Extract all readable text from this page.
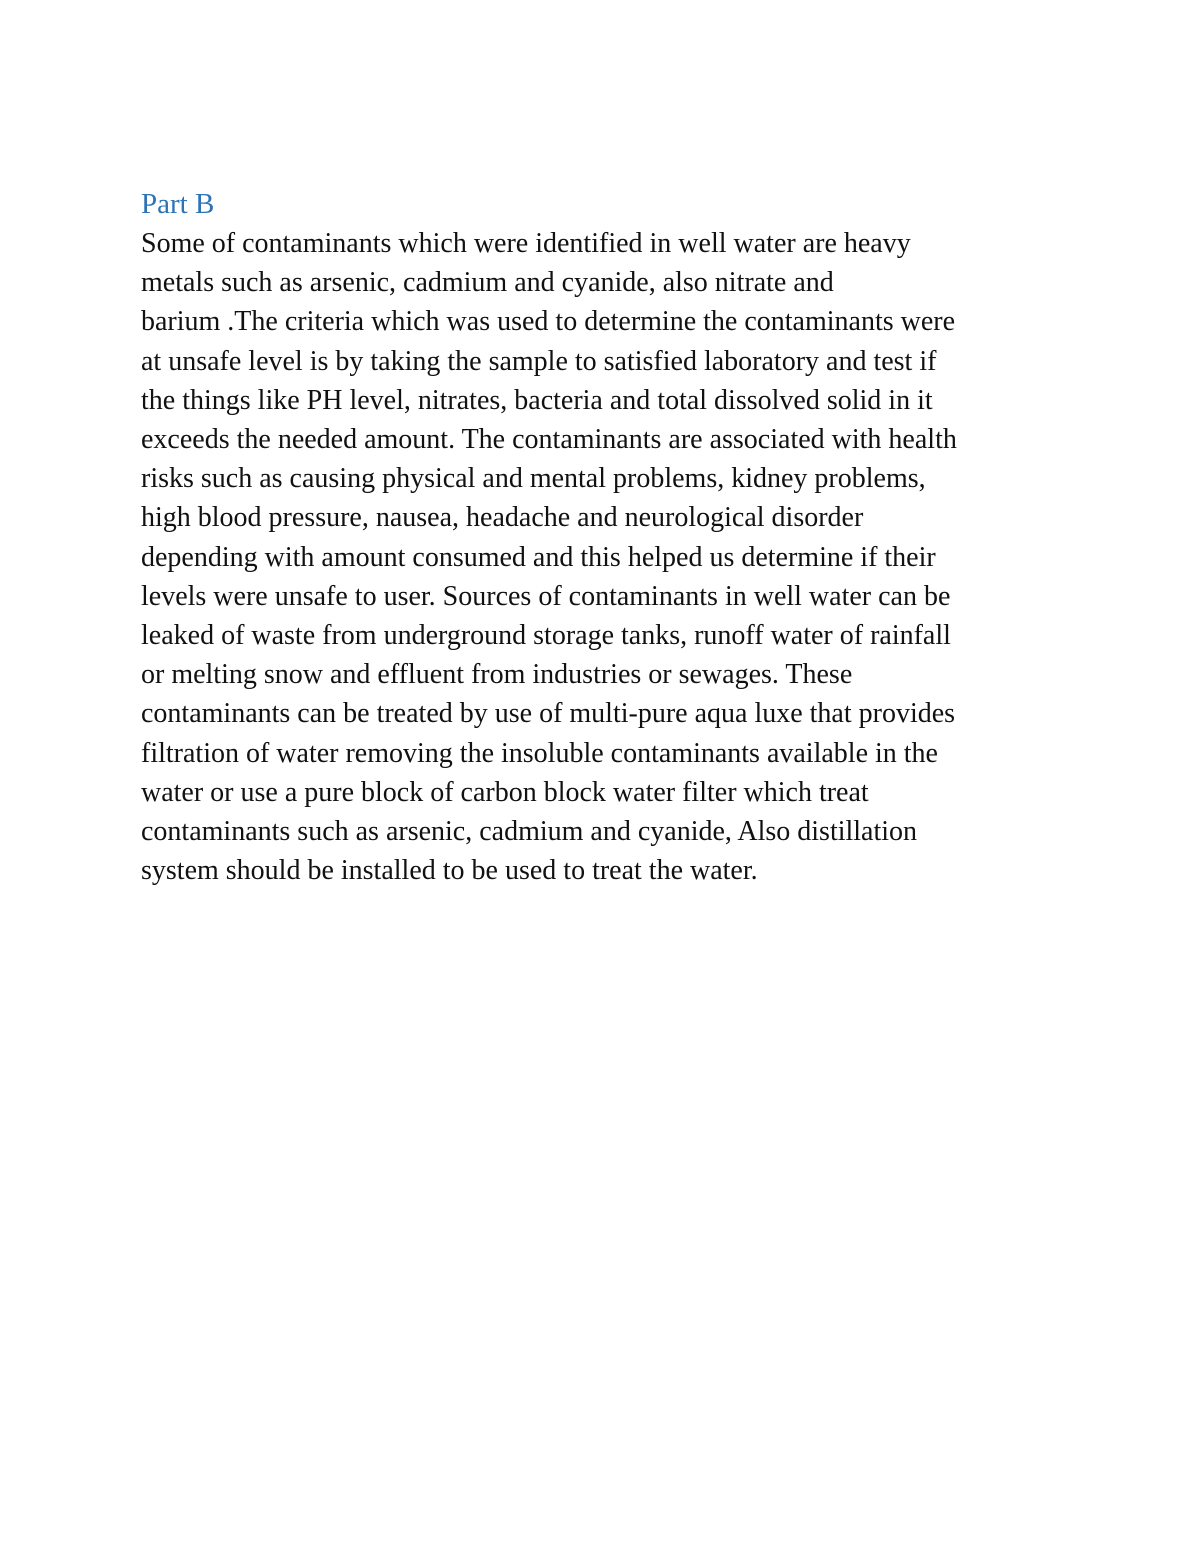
Part B
Some of contaminants which were identified in well water are heavy
metals such as arsenic, cadmium and cyanide, also nitrate and
barium .The criteria which was used to determine the contaminants were
at unsafe level is by taking the sample to satisfied laboratory and test if
the things like PH level, nitrates, bacteria and total dissolved solid in it
exceeds the needed amount. The contaminants are associated with health
risks such as causing physical and mental problems, kidney problems,
high blood pressure, nausea, headache and neurological disorder
depending with amount consumed and this helped us determine if their
levels were unsafe to user. Sources of contaminants in well water can be
leaked of waste from underground storage tanks, runoff water of rainfall
or melting snow and effluent from industries or sewages. These
contaminants can be treated by use of multi-pure aqua luxe that provides
filtration of water removing the insoluble contaminants available in the
water or use a pure block of carbon block water filter which treat
contaminants such as arsenic, cadmium and cyanide, Also distillation
system should be installed to be used to treat the water.
